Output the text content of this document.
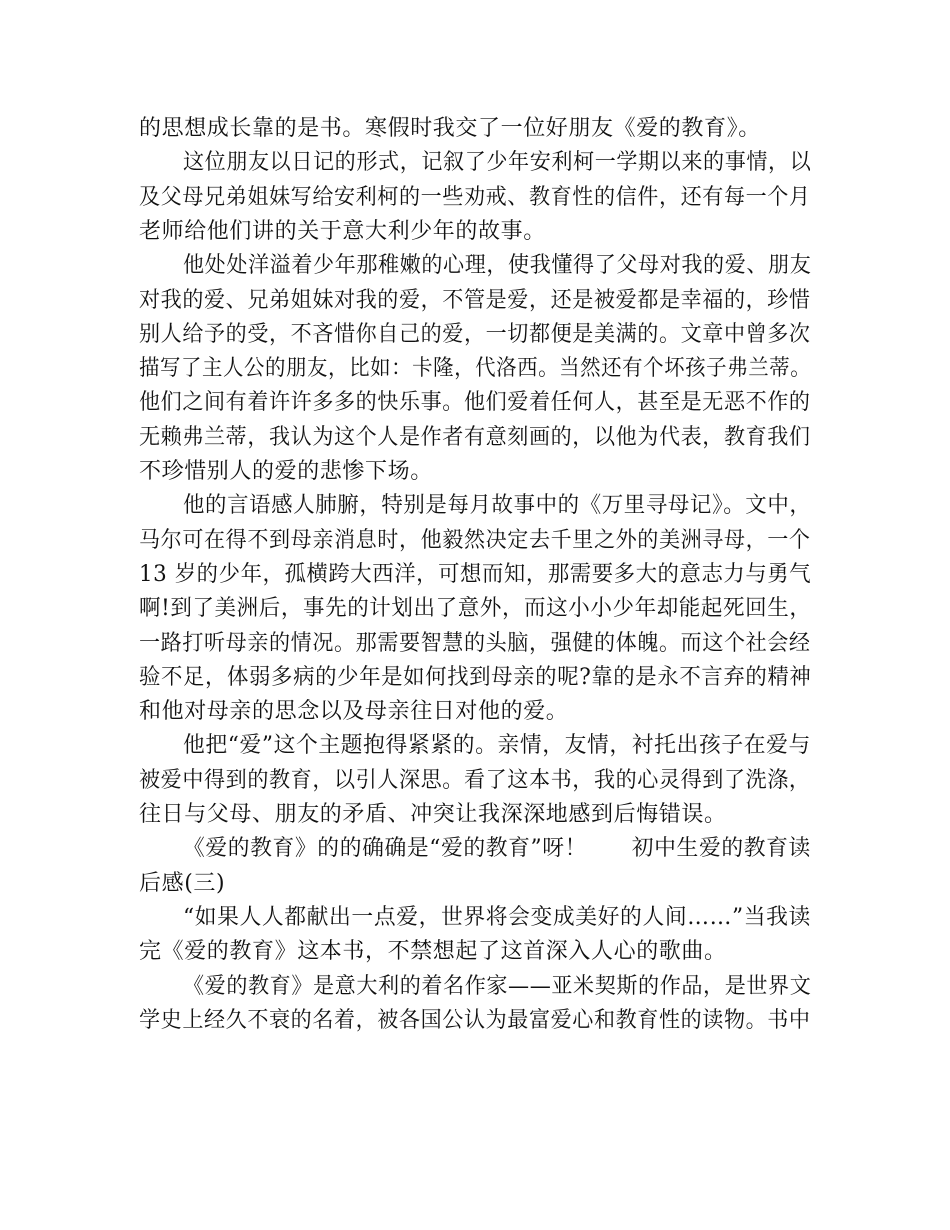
的思想成长靠的是书。寒假时我交了一位好朋友《爱的教育》。
这位朋友以日记的形式，记叙了少年安利柯一学期以来的事情，以
及父母兄弟姐妹写给安利柯的一些劝戒、教育性的信件，还有每一个月
老师给他们讲的关于意大利少年的故事。
他处处洋溢着少年那稚嫩的心理，使我懂得了父母对我的爱、朋友
对我的爱、兄弟姐妹对我的爱，不管是爱，还是被爱都是幸福的，珍惜
别人给予的受，不吝惜你自己的爱，一切都便是美满的。文章中曾多次
描写了主人公的朋友，比如：卡隆，代洛西。当然还有个坏孩子弗兰蒂。
他们之间有着许许多多的快乐事。他们爱着任何人，甚至是无恶不作的
无赖弗兰蒂，我认为这个人是作者有意刻画的，以他为代表，教育我们
不珍惜别人的爱的悲惨下场。
他的言语感人肺腑，特别是每月故事中的《万里寻母记》。文中，
马尔可在得不到母亲消息时，他毅然决定去千里之外的美洲寻母，一个
13 岁的少年，孤横跨大西洋，可想而知，那需要多大的意志力与勇气
啊!到了美洲后，事先的计划出了意外，而这小小少年却能起死回生，
一路打听母亲的情况。那需要智慧的头脑，强健的体魄。而这个社会经
验不足，体弱多病的少年是如何找到母亲的呢?靠的是永不言弃的精神
和他对母亲的思念以及母亲往日对他的爱。
他把“爱”这个主题抱得紧紧的。亲情，友情，衬托出孩子在爱与
被爱中得到的教育，以引人深思。看了这本书，我的心灵得到了洗涤，
往日与父母、朋友的矛盾、冲突让我深深地感到后悔错误。
《爱的教育》的的确确是“爱的教育”呀！　　初中生爱的教育读
后感(三)
“如果人人都献出一点爱，世界将会变成美好的人间……”当我读
完《爱的教育》这本书，不禁想起了这首深入人心的歌曲。
《爱的教育》是意大利的着名作家——亚米契斯的作品，是世界文
学史上经久不衰的名着，被各国公认为最富爱心和教育性的读物。书中
